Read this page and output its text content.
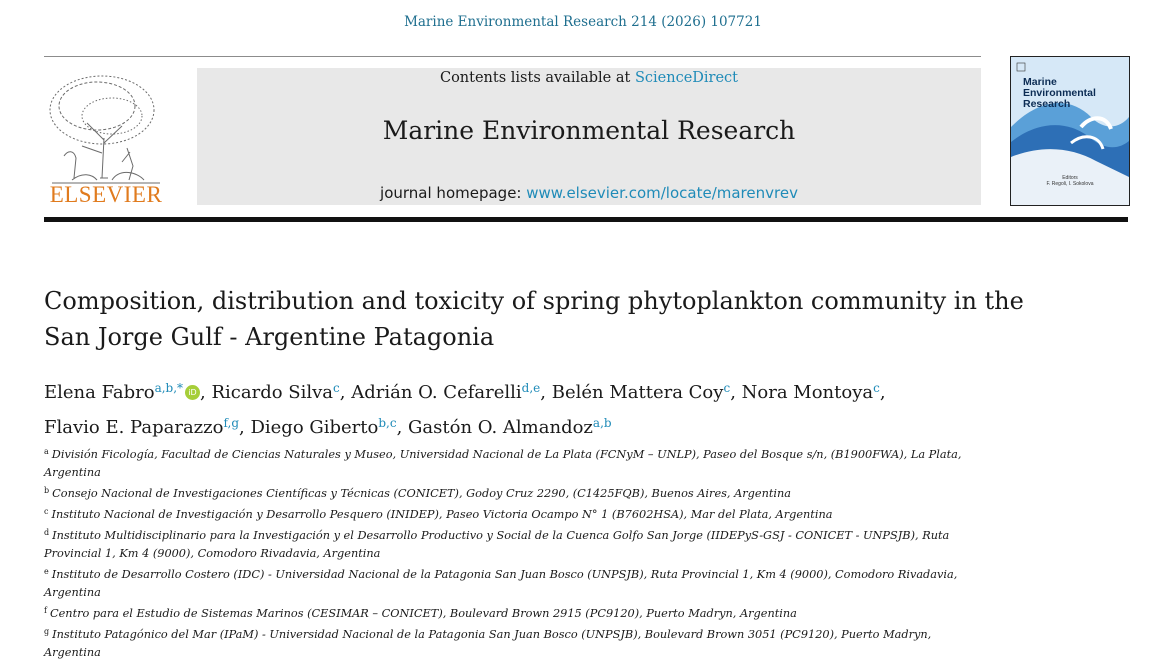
Marine Environmental Research 214 (2026) 107721
ELSEVIER
Contents lists available at ScienceDirect
Marine Environmental Research
journal homepage: www.elsevier.com/locate/marenvrev
Marine
Environmental
Research
Editors
F. Regoli, I. Sokolova
Composition, distribution and toxicity of spring phytoplankton community in the San Jorge Gulf - Argentine Patagonia
Elena Fabro$^{a,b,*}$ iD , Ricardo Silva$^c$, Adrián O. Cefarelli$^{d,e}$, Belén Mattera Coy$^c$, Nora Montoya$^c$,
Flavio E. Paparazzo$^{f,g}$, Diego Giberto$^{b,c}$, Gastón O. Almandoz$^{a,b}$

$^a$ División Ficología, Facultad de Ciencias Naturales y Museo, Universidad Nacional de La Plata (FCNyM – UNLP), Paseo del Bosque s/n, (B1900FWA), La Plata, Argentina

$^b$ Consejo Nacional de Investigaciones Científicas y Técnicas (CONICET), Godoy Cruz 2290, (C1425FQB), Buenos Aires, Argentina

$^c$ Instituto Nacional de Investigación y Desarrollo Pesquero (INIDEP), Paseo Victoria Ocampo N° 1 (B7602HSA), Mar del Plata, Argentina

$^d$ Instituto Multidisciplinario para la Investigación y el Desarrollo Productivo y Social de la Cuenca Golfo San Jorge (IIDEPyS-GSJ - CONICET - UNPSJB), Ruta Provincial 1, Km 4 (9000), Comodoro Rivadavia, Argentina

$^e$ Instituto de Desarrollo Costero (IDC) - Universidad Nacional de la Patagonia San Juan Bosco (UNPSJB), Ruta Provincial 1, Km 4 (9000), Comodoro Rivadavia, Argentina

$^f$ Centro para el Estudio de Sistemas Marinos (CESIMAR – CONICET), Boulevard Brown 2915 (PC9120), Puerto Madryn, Argentina

$^g$ Instituto Patagónico del Mar (IPaM) - Universidad Nacional de la Patagonia San Juan Bosco (UNPSJB), Boulevard Brown 3051 (PC9120), Puerto Madryn, Argentina
